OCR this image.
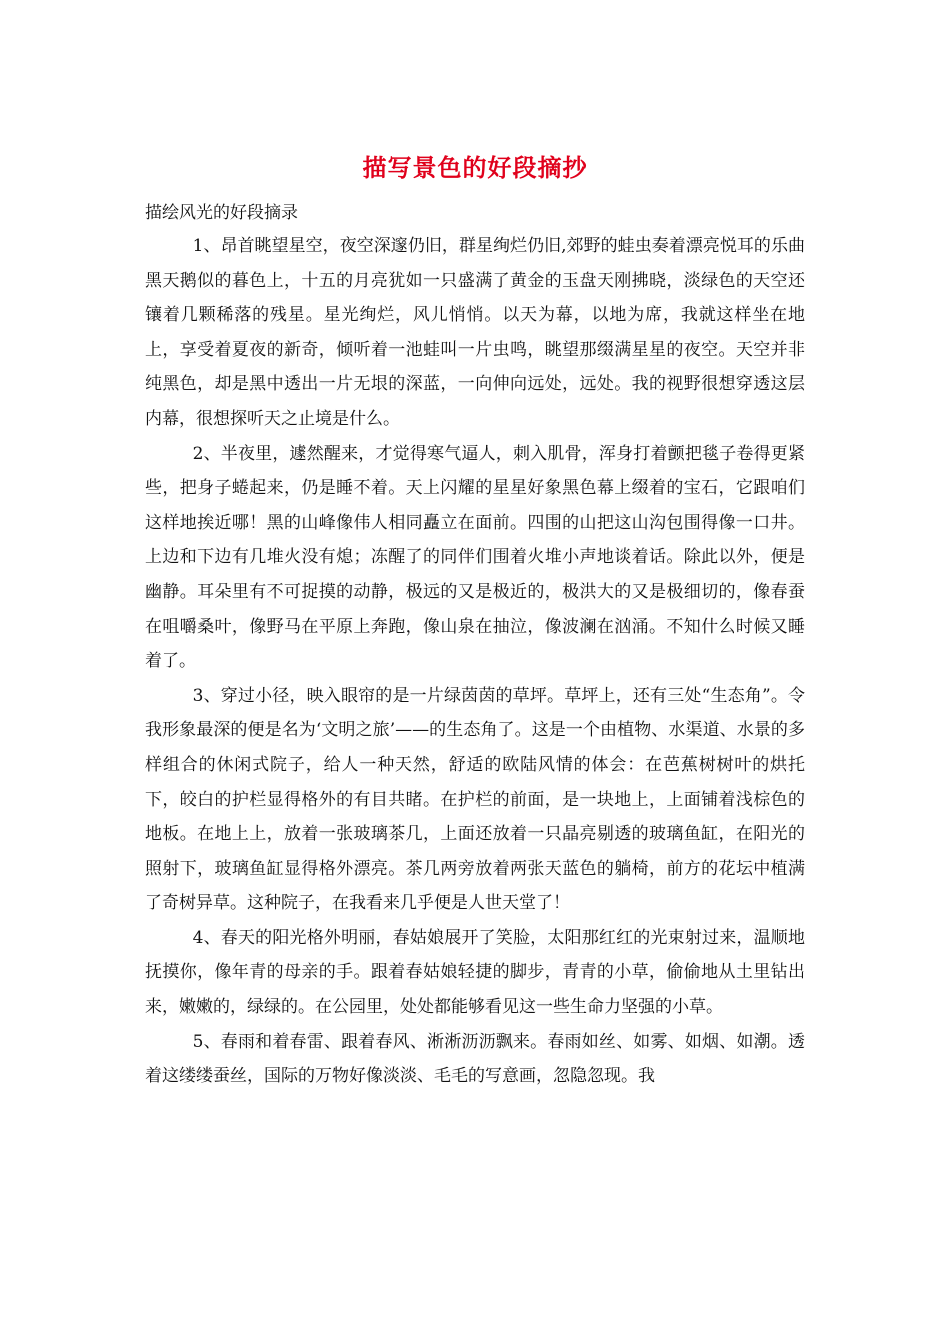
描写景色的好段摘抄

描绘风光的好段摘录

1、昂首眺望星空，夜空深邃仍旧，群星绚烂仍旧,郊野的蛙虫奏着漂亮悦耳的乐曲黑天鹅似的暮色上，十五的月亮犹如一只盛满了黄金的玉盘天刚拂晓，淡绿色的天空还镶着几颗稀落的残星。星光绚烂，风儿悄悄。以天为幕，以地为席，我就这样坐在地上，享受着夏夜的新奇，倾听着一池蛙叫一片虫鸣，眺望那缀满星星的夜空。天空并非纯黑色，却是黑中透出一片无垠的深蓝，一向伸向远处，远处。我的视野很想穿透这层内幕，很想探听天之止境是什么。

2、半夜里，遽然醒来，才觉得寒气逼人，刺入肌骨，浑身打着颤把毯子卷得更紧些，把身子蜷起来，仍是睡不着。天上闪耀的星星好象黑色幕上缀着的宝石，它跟咱们这样地挨近哪！黑的山峰像伟人相同矗立在面前。四围的山把这山沟包围得像一口井。上边和下边有几堆火没有熄；冻醒了的同伴们围着火堆小声地谈着话。除此以外，便是幽静。耳朵里有不可捉摸的动静，极远的又是极近的，极洪大的又是极细切的，像春蚕在咀嚼桑叶，像野马在平原上奔跑，像山泉在抽泣，像波澜在汹涌。不知什么时候又睡着了。

3、穿过小径，映入眼帘的是一片绿茵茵的草坪。草坪上，还有三处“生态角”。令我形象最深的便是名为‘文明之旅’——的生态角了。这是一个由植物、水渠道、水景的多样组合的休闲式院子，给人一种天然，舒适的欧陆风情的体会：在芭蕉树树叶的烘托下，皎白的护栏显得格外的有目共睹。在护栏的前面，是一块地上，上面铺着浅棕色的地板。在地上上，放着一张玻璃茶几，上面还放着一只晶亮剔透的玻璃鱼缸，在阳光的照射下，玻璃鱼缸显得格外漂亮。茶几两旁放着两张天蓝色的躺椅，前方的花坛中植满了奇树异草。这种院子，在我看来几乎便是人世天堂了！

4、春天的阳光格外明丽，春姑娘展开了笑脸，太阳那红红的光束射过来，温顺地抚摸你，像年青的母亲的手。跟着春姑娘轻捷的脚步，青青的小草，偷偷地从土里钻出来，嫩嫩的，绿绿的。在公园里，处处都能够看见这一些生命力坚强的小草。

5、春雨和着春雷、跟着春风、淅淅沥沥飘来。春雨如丝、如雾、如烟、如潮。透着这缕缕蚕丝，国际的万物好像淡淡、毛毛的写意画，忽隐忽现。我
